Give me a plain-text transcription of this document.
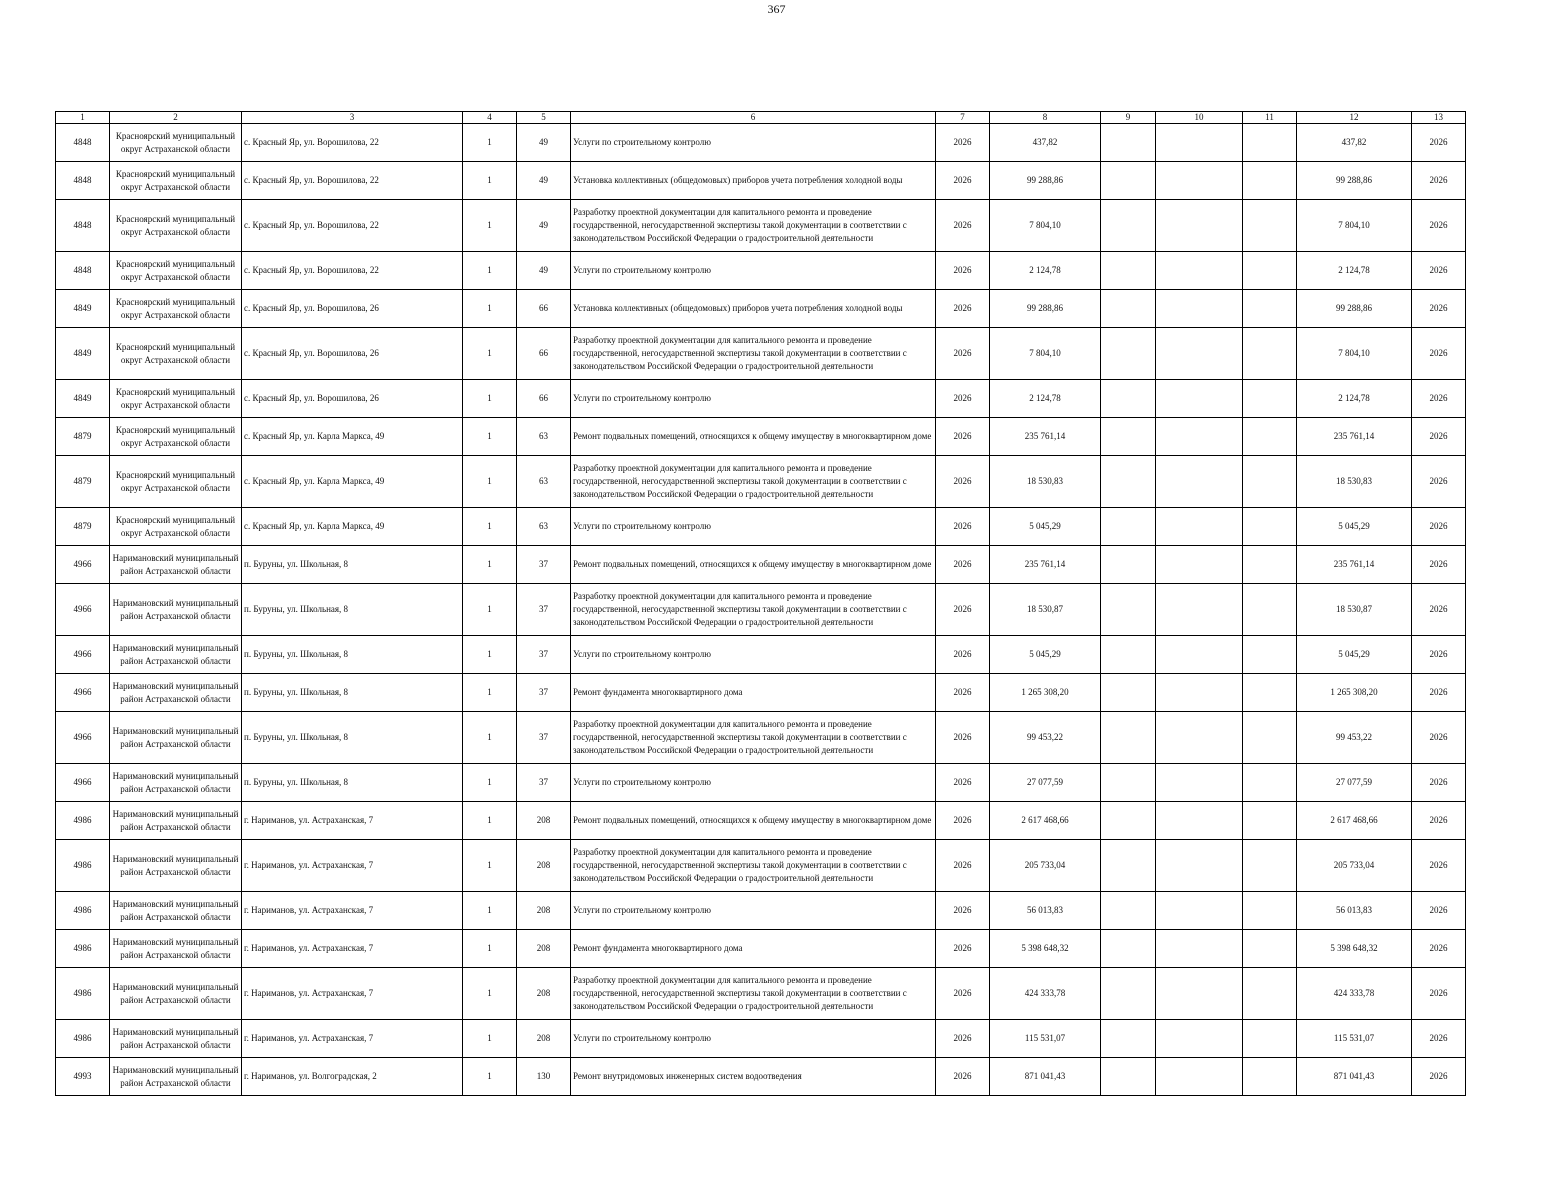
367
1	2	3	4	5	6	7	8	9	10	11	12	13
4848	Красноярский муниципальный округ Астраханской области	с. Красный Яр, ул. Ворошилова, 22	1	49	Услуги по строительному контролю	2026	437,82				437,82	2026
4848	Красноярский муниципальный округ Астраханской области	с. Красный Яр, ул. Ворошилова, 22	1	49	Установка коллективных (общедомовых) приборов учета потребления холодной воды	2026	99 288,86				99 288,86	2026
4848	Красноярский муниципальный округ Астраханской области	с. Красный Яр, ул. Ворошилова, 22	1	49	Разработку проектной документации для капитального ремонта и проведение государственной, негосударственной экспертизы такой документации в соответствии с законодательством Российской Федерации о градостроительной деятельности	2026	7 804,10				7 804,10	2026
4848	Красноярский муниципальный округ Астраханской области	с. Красный Яр, ул. Ворошилова, 22	1	49	Услуги по строительному контролю	2026	2 124,78				2 124,78	2026
4849	Красноярский муниципальный округ Астраханской области	с. Красный Яр, ул. Ворошилова, 26	1	66	Установка коллективных (общедомовых) приборов учета потребления холодной воды	2026	99 288,86				99 288,86	2026
4849	Красноярский муниципальный округ Астраханской области	с. Красный Яр, ул. Ворошилова, 26	1	66	Разработку проектной документации для капитального ремонта и проведение государственной, негосударственной экспертизы такой документации в соответствии с законодательством Российской Федерации о градостроительной деятельности	2026	7 804,10				7 804,10	2026
4849	Красноярский муниципальный округ Астраханской области	с. Красный Яр, ул. Ворошилова, 26	1	66	Услуги по строительному контролю	2026	2 124,78				2 124,78	2026
4879	Красноярский муниципальный округ Астраханской области	с. Красный Яр, ул. Карла Маркса, 49	1	63	Ремонт подвальных помещений, относящихся к общему имуществу в многоквартирном доме	2026	235 761,14				235 761,14	2026
4879	Красноярский муниципальный округ Астраханской области	с. Красный Яр, ул. Карла Маркса, 49	1	63	Разработку проектной документации для капитального ремонта и проведение государственной, негосударственной экспертизы такой документации в соответствии с законодательством Российской Федерации о градостроительной деятельности	2026	18 530,83				18 530,83	2026
4879	Красноярский муниципальный округ Астраханской области	с. Красный Яр, ул. Карла Маркса, 49	1	63	Услуги по строительному контролю	2026	5 045,29				5 045,29	2026
4966	Наримановский муниципальный район Астраханской области	п. Буруны, ул. Школьная, 8	1	37	Ремонт подвальных помещений, относящихся к общему имуществу в многоквартирном доме	2026	235 761,14				235 761,14	2026
4966	Наримановский муниципальный район Астраханской области	п. Буруны, ул. Школьная, 8	1	37	Разработку проектной документации для капитального ремонта и проведение государственной, негосударственной экспертизы такой документации в соответствии с законодательством Российской Федерации о градостроительной деятельности	2026	18 530,87				18 530,87	2026
4966	Наримановский муниципальный район Астраханской области	п. Буруны, ул. Школьная, 8	1	37	Услуги по строительному контролю	2026	5 045,29				5 045,29	2026
4966	Наримановский муниципальный район Астраханской области	п. Буруны, ул. Школьная, 8	1	37	Ремонт фундамента многоквартирного дома	2026	1 265 308,20				1 265 308,20	2026
4966	Наримановский муниципальный район Астраханской области	п. Буруны, ул. Школьная, 8	1	37	Разработку проектной документации для капитального ремонта и проведение государственной, негосударственной экспертизы такой документации в соответствии с законодательством Российской Федерации о градостроительной деятельности	2026	99 453,22				99 453,22	2026
4966	Наримановский муниципальный район Астраханской области	п. Буруны, ул. Школьная, 8	1	37	Услуги по строительному контролю	2026	27 077,59				27 077,59	2026
4986	Наримановский муниципальный район Астраханской области	г. Нариманов, ул. Астраханская, 7	1	208	Ремонт подвальных помещений, относящихся к общему имуществу в многоквартирном доме	2026	2 617 468,66				2 617 468,66	2026
4986	Наримановский муниципальный район Астраханской области	г. Нариманов, ул. Астраханская, 7	1	208	Разработку проектной документации для капитального ремонта и проведение государственной, негосударственной экспертизы такой документации в соответствии с законодательством Российской Федерации о градостроительной деятельности	2026	205 733,04				205 733,04	2026
4986	Наримановский муниципальный район Астраханской области	г. Нариманов, ул. Астраханская, 7	1	208	Услуги по строительному контролю	2026	56 013,83				56 013,83	2026
4986	Наримановский муниципальный район Астраханской области	г. Нариманов, ул. Астраханская, 7	1	208	Ремонт фундамента многоквартирного дома	2026	5 398 648,32				5 398 648,32	2026
4986	Наримановский муниципальный район Астраханской области	г. Нариманов, ул. Астраханская, 7	1	208	Разработку проектной документации для капитального ремонта и проведение государственной, негосударственной экспертизы такой документации в соответствии с законодательством Российской Федерации о градостроительной деятельности	2026	424 333,78				424 333,78	2026
4986	Наримановский муниципальный район Астраханской области	г. Нариманов, ул. Астраханская, 7	1	208	Услуги по строительному контролю	2026	115 531,07				115 531,07	2026
4993	Наримановский муниципальный район Астраханской области	г. Нариманов, ул. Волгоградская, 2	1	130	Ремонт внутридомовых инженерных систем водоотведения	2026	871 041,43				871 041,43	2026
